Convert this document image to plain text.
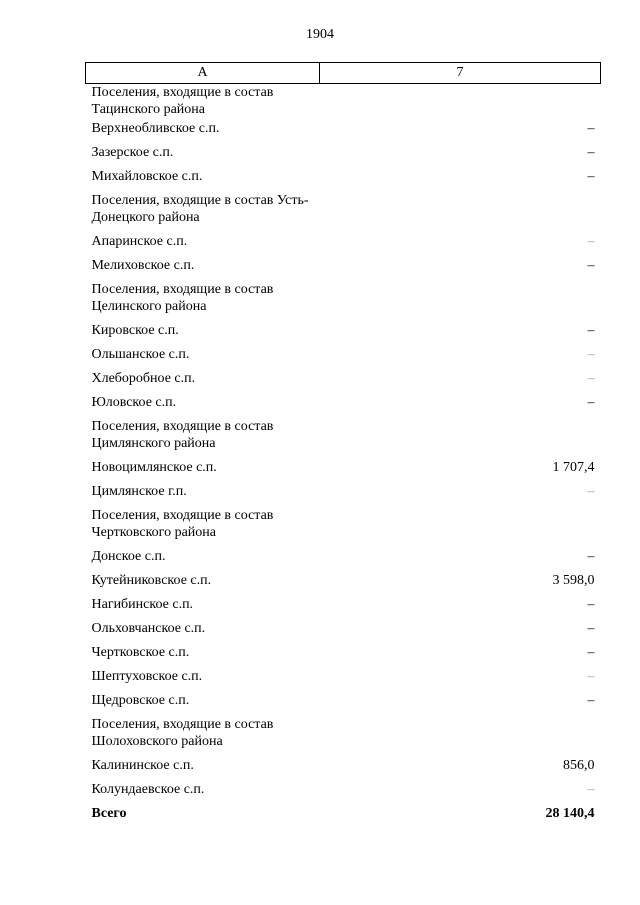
1904
А	7
Поселения, входящие в состав Тацинского района	
Верхнеобливское с.п.	–
Зазерское с.п.	–
Михайловское с.п.	–
Поселения, входящие в состав Усть-Донецкого района	
Апаринское с.п.	–
Мелиховское с.п.	–
Поселения, входящие в состав Целинского района	
Кировское с.п.	–
Ольшанское с.п.	–
Хлеборобное с.п.	–
Юловское с.п.	–
Поселения, входящие в состав Цимлянского района	
Новоцимлянское с.п.	1 707,4
Цимлянское г.п.	–
Поселения, входящие в состав Чертковского района	
Донское с.п.	–
Кутейниковское с.п.	3 598,0
Нагибинское с.п.	–
Ольховчанское с.п.	–
Чертковское с.п.	–
Шептуховское с.п.	–
Щедровское с.п.	–
Поселения, входящие в состав Шолоховского района	
Калининское с.п.	856,0
Колундаевское с.п.	–
Всего	28 140,4
